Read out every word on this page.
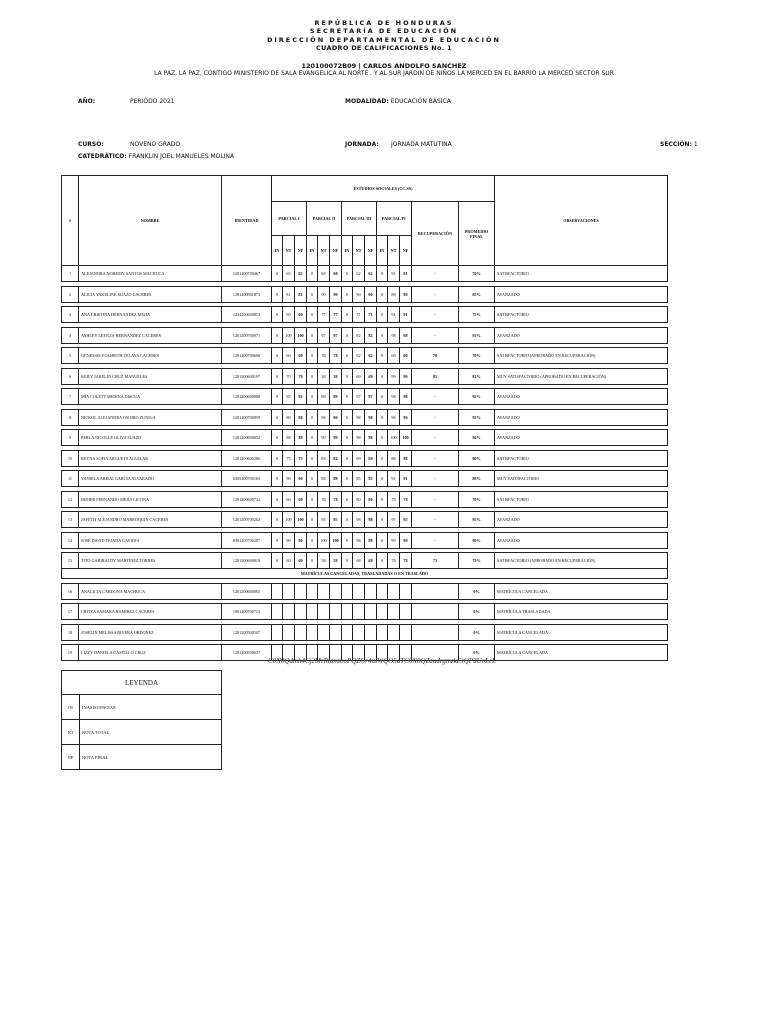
REPÚBLICA DE HONDURAS
SECRETARÍA DE EDUCACIÓN
DIRECCIÓN DEPARTAMENTAL DE EDUCACIÓN
CUADRO DE CALIFICACIONES No. 1
120100072B09 | CARLOS ANDOLFO SANCHEZ
LA PAZ, LA PAZ, CONTIGO MINISTERIO DE SALA EVANGELICA AL NORTE , Y AL SUR JARDIN DE NIÑOS LA MERCED EN EL BARRIO LA MERCED SECTOR SUR
AÑO:	PERIODO 2021	MODALIDAD: EDUCACIÓN BÁSICA
CURSO:	NOVENO GRADO	JORNADA: JORNADA MATUTINA	SECCIÓN: 1
CATEDRÁTICO: FRANKLIN JOEL MANUELES MOLINA
#	NOMBRE	IDENTIDAD	ESTUDIOS SOCIALES (CC.SS)														OBSERVACIONES	
			PARCIAL I			PARCIAL II			PARCIAL III			PARCIAL IV			RECUPERACIÓN	PROMEDIO FINAL		
			IN	NT	NF	IN	NT	NF	IN	NT	NF	IN	NT	NF				
1	ALEJANDRA NOHEMY SANTOS MACHUCA	1201200700467	0	65	65	0	68	68	0	62	62	0	91	91	-	70%	SATISFACTORIO	

2	ALICIA YAKELINE SUAZO CACERES	1201200501873	0	81	81	0	90	90	0	90	90	0	89	89	-	85%	AVANZADO	

3	ANA CRISTINA HERNANDEZ MEJIA	1214200600813	0	60	60	0	77	77	0	71	71	0	91	91	-	75%	SATISFACTORIO	

4	ASHLEY LETICIA HERNANDEZ CACERES	1201200700971	0	100	100	0	97	97	0	82	82	0	98	98	-	93%	AVANZADO	

5	GENESSIS YOLIBETH ZELAYA CACERES	1201200700606	0	60	60	0	78	78	0	62	62	0	60	60	70	70%	SATISFACTORIO (APROBADO EN RECUPERACIÓN)	

6	KEILY JAKELIN CRUZ MANUELES	1201200600197	0	70	70	0	38	38	0	69	69	0	99	99	81	81%	MUY SATISFACTORIO (APROBADO EN RECUPERACIÓN)	

7	MIA COLETT MEDINA DISCUA	1201200600888	0	92	92	0	89	89	0	97	97	0	98	98	-	92%	AVANZADO	

8	NICKOL ALEJANDRA OSORIO ZUNIGA	1201200700859	0	80	80	0	96	96	0	98	98	0	96	96	-	93%	AVANZADO	

9	PERLA NICOLLE OLIVA SUAZO	1201200600652	0	88	88	0	99	99	0	98	98	0	100	100	-	94%	AVANZADO	

10	REYNA SOFIA ARGUETA AGUILAR	1201200600286	0	75	75	0	84	84	0	69	69	0	88	88	-	80%	SATISFACTORIO	

11	YANIELA ARISAI GARCIA ALVARADO	0305200700165	0	90	90	0	88	88	0	85	85	0	91	91	-	89%	MUY SATISFACTORIO	

12	DIDIER FERNANDO MEJIA LICONA	1201200600732	0	60	60	0	78	78	0	80	80	0	78	78	-	70%	SATISFACTORIO	

13	JAFETH ALEJANDRO MARROQUIN CACERES	1201200700262	0	100	100	0	95	95	0	98	98	0	95	95	-	95%	AVANZADO	

14	JOSE DAVID TEJADA GAVIDIA	0301200700207	0	90	90	0	100	100	0	98	98	0	99	99	-	99%	AVANZADO	

15	TITO GARIBALDY MARTINEZ TORRES	1201200600819	0	60	60	0	58	58	0	68	68	0	78	78	73	73%	SATISFACTORIO (APROBADO EN RECUPERACIÓN)	
MATRÍCULAS CANCELADAS, TRASLADADAS O EN TRASLADO																		

16	ANALICIA CARDONA MACHUCA	1201200600865														0%	MATRÍCULA CANCELADA	

17	CRITZA SAMARA RAMIREZ CACERES	1801200700713														0%	MATRÍCULA TRASLADADA	

18	JOSELIN MELISSA RIVERA ORDOÑEZ	1201200500507														0%	MATRÍCULA CANCELADA	

19	LIZZY DANIELA CASTILLO CRUZ	1201200500637														0%	MATRÍCULA CANCELADA	
C0N0Qdmh4Cj2MrRtaxaboPQZGr4uIWQO5aTC0N0QZaudrgmzkEsQP3UoLcL
LEYENDA	
IN	INASISTENCIAS
NT	NOTA TOTAL
NF	NOTA FINAL
